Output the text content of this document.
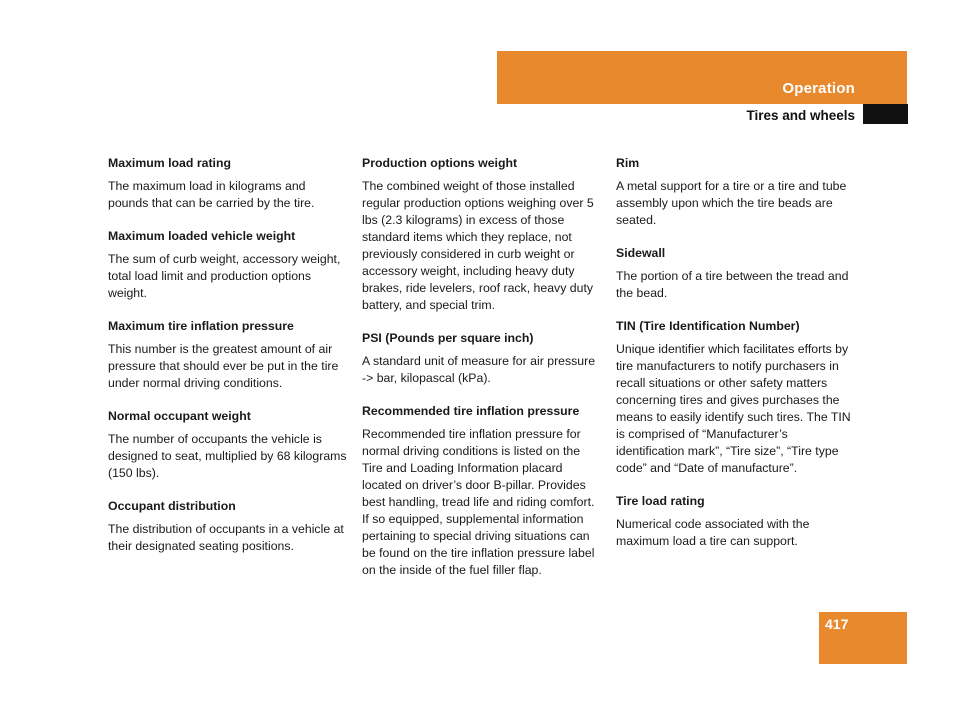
Operation
Tires and wheels

Maximum load rating

The maximum load in kilograms and pounds that can be carried by the tire.

Maximum loaded vehicle weight

The sum of curb weight, accessory weight, total load limit and production options weight.

Maximum tire inflation pressure

This number is the greatest amount of air pressure that should ever be put in the tire under normal driving conditions.

Normal occupant weight

The number of occupants the vehicle is designed to seat, multiplied by 68 kilograms (150 lbs).

Occupant distribution

The distribution of occupants in a vehicle at their designated seating positions.

Production options weight

The combined weight of those installed regular production options weighing over 5 lbs (2.3 kilograms) in excess of those standard items which they replace, not previously considered in curb weight or accessory weight, including heavy duty brakes, ride levelers, roof rack, heavy duty battery, and special trim.

PSI (Pounds per square inch)

A standard unit of measure for air pressure -> bar, kilopascal (kPa).

Recommended tire inflation pressure

Recommended tire inflation pressure for normal driving conditions is listed on the Tire and Loading Information placard located on driver’s door B-pillar. Provides best handling, tread life and riding comfort. If so equipped, supplemental information pertaining to special driving situations can be found on the tire inflation pressure label on the inside of the fuel filler flap.

Rim

A metal support for a tire or a tire and tube assembly upon which the tire beads are seated.

Sidewall

The portion of a tire between the tread and the bead.

TIN (Tire Identification Number)

Unique identifier which facilitates efforts by tire manufacturers to notify purchasers in recall situations or other safety matters concerning tires and gives purchases the means to easily identify such tires. The TIN is comprised of “Manufacturer’s identification mark”, “Tire size”, “Tire type code” and “Date of manufacture”.

Tire load rating

Numerical code associated with the maximum load a tire can support.

417
